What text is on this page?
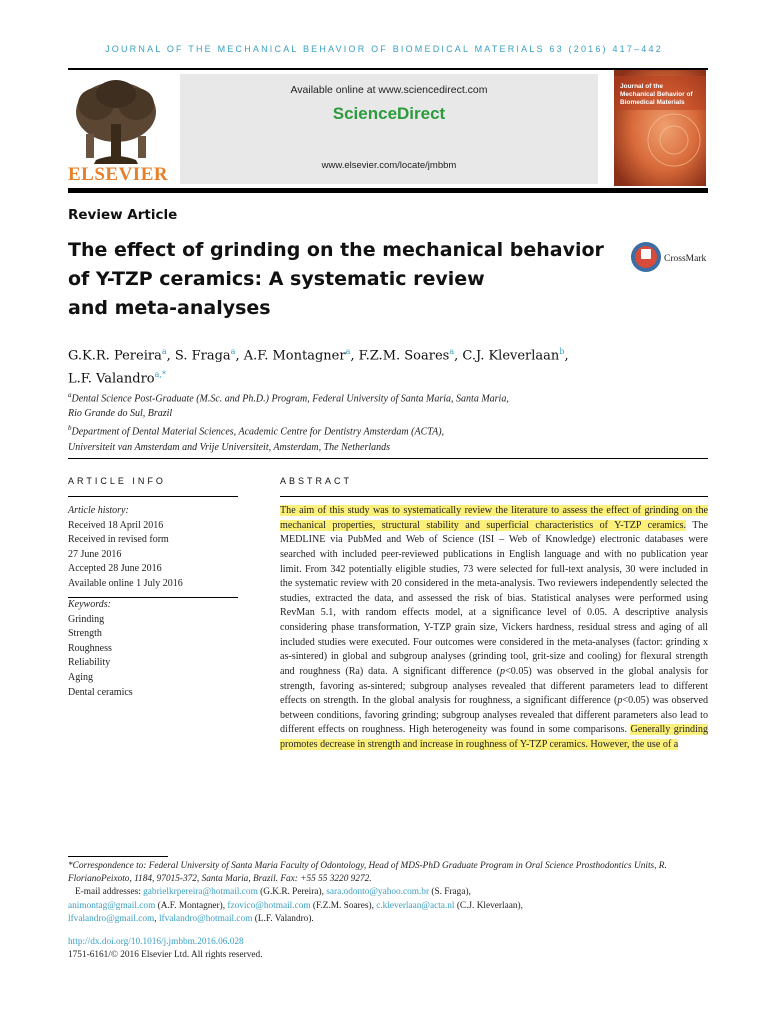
JOURNAL OF THE MECHANICAL BEHAVIOR OF BIOMEDICAL MATERIALS 63 (2016) 417–442
ELSEVIER
Available online at www.sciencedirect.com
ScienceDirect
www.elsevier.com/locate/jmbbm
Journal of the
Mechanical Behavior of
Biomedical Materials
Review Article
The effect of grinding on the mechanical behavior
of Y-TZP ceramics: A systematic review
and meta-analyses
CrossMark
G.K.R. Pereira$^a$, S. Fraga$^a$, A.F. Montagner$^a$, F.Z.M. Soares$^a$, C.J. Kleverlaan$^b$,
L.F. Valandro$^{a,*}$
$^a$Dental Science Post-Graduate (M.Sc. and Ph.D.) Program, Federal University of Santa Maria, Santa Maria,
Rio Grande do Sul, Brazil
$^b$Department of Dental Material Sciences, Academic Centre for Dentistry Amsterdam (ACTA),
Universiteit van Amsterdam and Vrije Universiteit, Amsterdam, The Netherlands
ARTICLE INFO	ABSTRACT
Article history:
Received 18 April 2016
Received in revised form
27 June 2016
Accepted 28 June 2016
Available online 1 July 2016
Keywords:
Grinding
Strength
Roughness
Reliability
Aging
Dental ceramics
The aim of this study was to systematically review the literature to assess the effect of grinding on the mechanical properties, structural stability and superficial characteristics of Y-TZP ceramics. The MEDLINE via PubMed and Web of Science (ISI – Web of Knowledge) electronic databases were searched with included peer-reviewed publications in English language and with no publication year limit. From 342 potentially eligible studies, 73 were selected for full-text analysis, 30 were included in the systematic review with 20 considered in the meta-analysis. Two reviewers independently selected the studies, extracted the data, and assessed the risk of bias. Statistical analyses were performed using RevMan 5.1, with random effects model, at a significance level of 0.05. A descriptive analysis considering phase transformation, Y-TZP grain size, Vickers hardness, residual stress and aging of all included studies were executed. Four outcomes were considered in the meta-analyses (factor: grinding x as-sintered) in global and subgroup analyses (grinding tool, grit-size and cooling) for flexural strength and roughness (Ra) data. A significant difference (p<0.05) was observed in the global analysis for strength, favoring as-sintered; subgroup analyses revealed that different parameters lead to different effects on strength. In the global analysis for roughness, a significant difference (p<0.05) was observed between conditions, favoring grinding; subgroup analyses revealed that different parameters also lead to different effects on roughness. High heterogeneity was found in some comparisons. Generally grinding promotes decrease in strength and increase in roughness of Y-TZP ceramics. However, the use of a
*Correspondence to: Federal University of Santa Maria Faculty of Odontology, Head of MDS-PhD Graduate Program in Oral Science Prosthodontics Units, R. FlorianoPeixoto, 1184, 97015-372, Santa Maria, Brazil. Fax: +55 55 3220 9272.
E-mail addresses: gabrielkrpereira@hotmail.com (G.K.R. Pereira), sara.odonto@yahoo.com.br (S. Fraga),
animontag@gmail.com (A.F. Montagner), fzovico@hotmail.com (F.Z.M. Soares), c.kleverlaan@acta.nl (C.J. Kleverlaan),
lfvalandro@gmail.com, lfvalandro@hotmail.com (L.F. Valandro).
http://dx.doi.org/10.1016/j.jmbbm.2016.06.028
1751-6161/© 2016 Elsevier Ltd. All rights reserved.
